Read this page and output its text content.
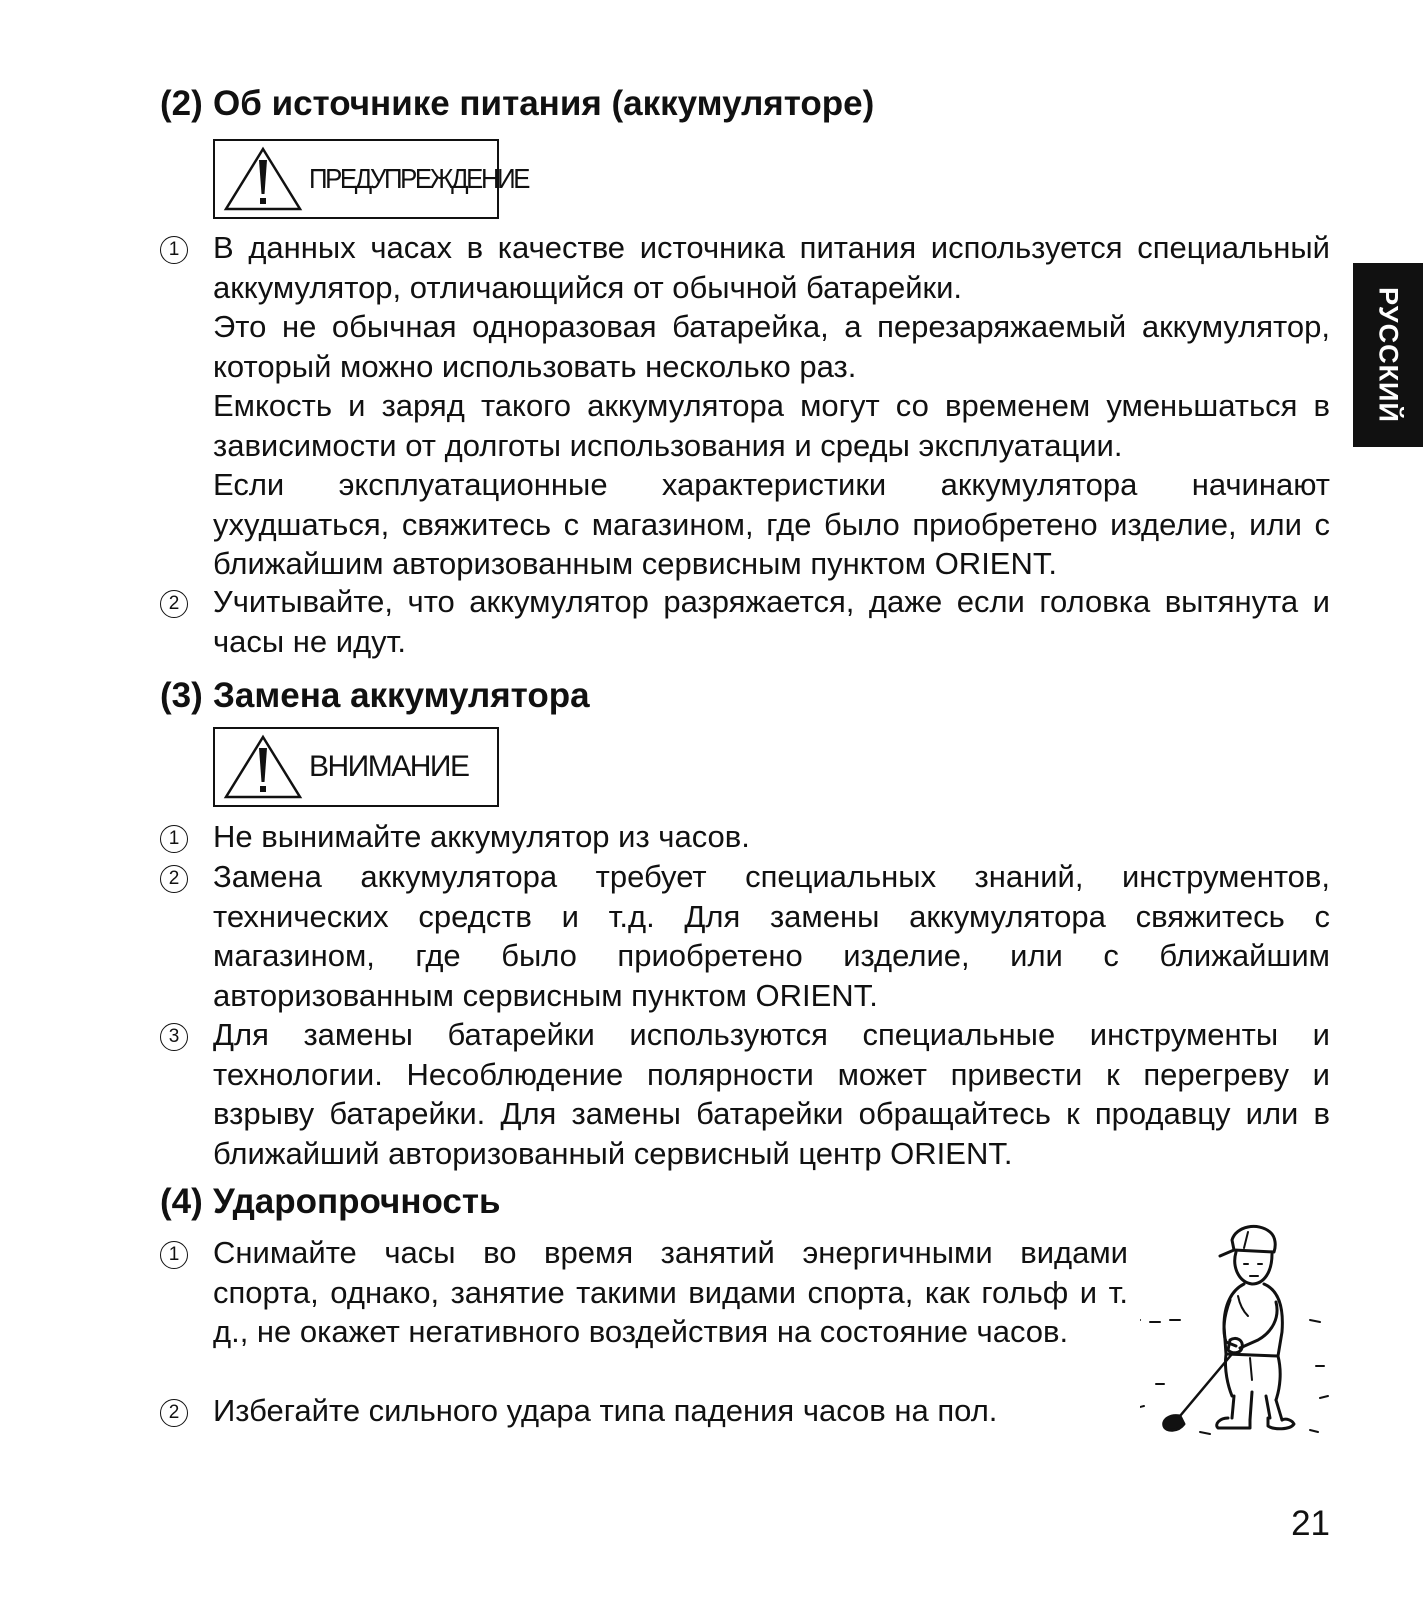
(2) Об источнике питания (аккумуляторе)
ПРЕДУПРЕЖДЕНИЕ
1 В данных часах в качестве источника питания используется специальный аккумулятор, отличающийся от обычной батарейки.

Это не обычная одноразовая батарейка, а перезаряжаемый аккумулятор, который можно использовать несколько раз.

Емкость и заряд такого аккумулятора могут со временем уменьшаться в зависимости от долготы использования и среды эксплуатации.

Если эксплуатационные характеристики аккумулятора начинают ухудшаться, свяжитесь с магазином, где было приобретено изделие, или с ближайшим авторизованным сервисным пунктом ORIENT.

2 Учитывайте, что аккумулятор разряжается, даже если головка вытянута и часы не идут.

(3) Замена аккумулятора
ВНИМАНИЕ
1 Не вынимайте аккумулятор из часов.

2 Замена аккумулятора требует специальных знаний, инструментов, технических средств и т.д. Для замены аккумулятора свяжитесь с магазином, где было приобретено изделие, или с ближайшим авторизованным сервисным пунктом ORIENT.

3 Для замены батарейки используются специальные инструменты и технологии. Несоблюдение полярности может привести к перегреву и взрыву батарейки. Для замены батарейки обращайтесь к продавцу или в ближайший авторизованный сервисный центр ORIENT.

(4) Ударопрочность
1 Снимайте часы во время занятий энергичными видами спорта, однако, занятие такими видами спорта, как гольф и т. д., не окажет негативного воздействия на состояние часов.

2 Избегайте сильного удара типа падения часов на пол.

РУССКИЙ
21
